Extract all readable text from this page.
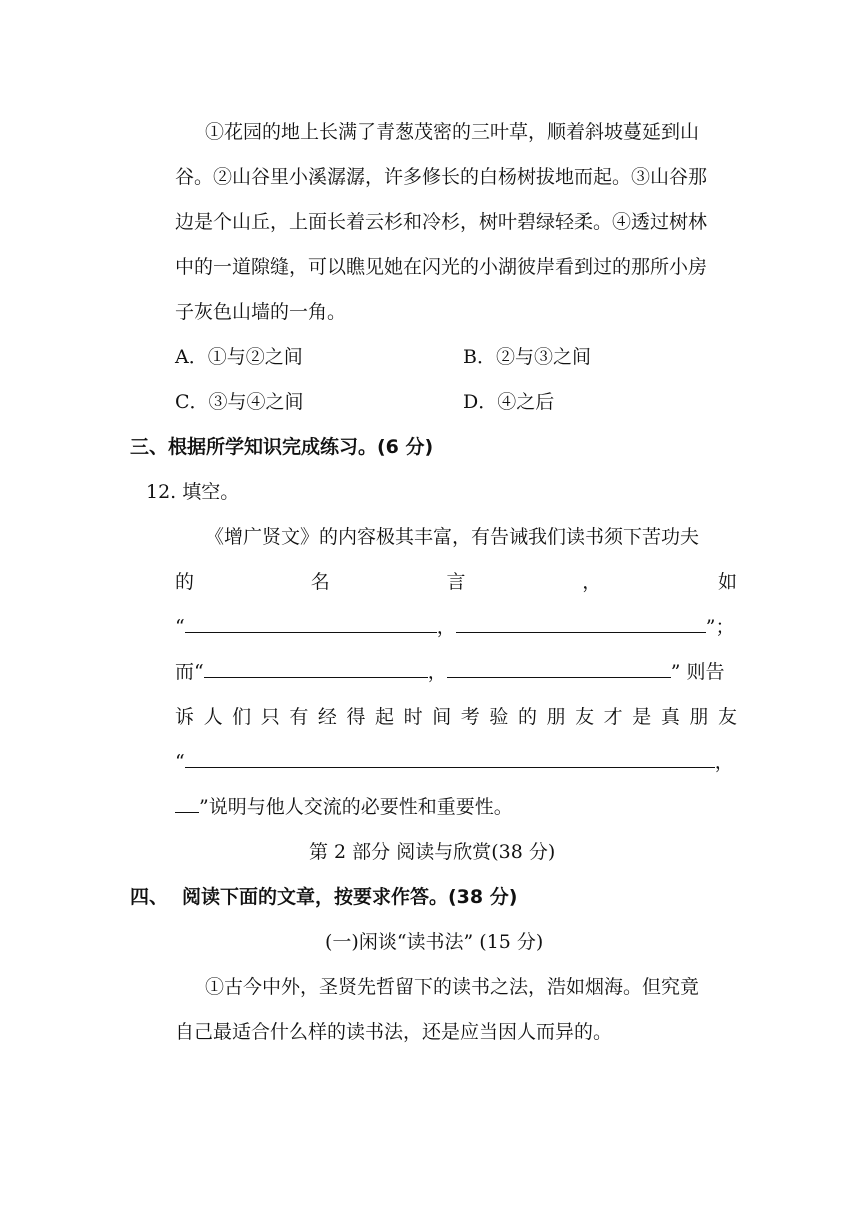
①花园的地上长满了青葱茂密的三叶草，顺着斜坡蔓延到山
谷。②山谷里小溪潺潺，许多修长的白杨树拔地而起。③山谷那
边是个山丘，上面长着云杉和冷杉，树叶碧绿轻柔。④透过树林
中的一道隙缝，可以瞧见她在闪光的小湖彼岸看到过的那所小房
子灰色山墙的一角。
A．①与②之间	B．②与③之间
C．③与④之间	D．④之后
三、根据所学知识完成练习。(6 分)
12. 填空。
《增广贤文》的内容极其丰富，有告诫我们读书须下苦功夫
的	名	言	，	如
“	，	”；
而“	，	” 则告
诉 人 们 只 有 经 得 起 时 间 考 验 的 朋 友 才 是 真 朋 友
“	，
”说明与他人交流的必要性和重要性。
第 2 部分 阅读与欣赏(38 分)
四、 阅读下面的文章，按要求作答。(38 分)
(一)闲谈“读书法” (15 分)
①古今中外，圣贤先哲留下的读书之法，浩如烟海。但究竟
自己最适合什么样的读书法，还是应当因人而异的。
